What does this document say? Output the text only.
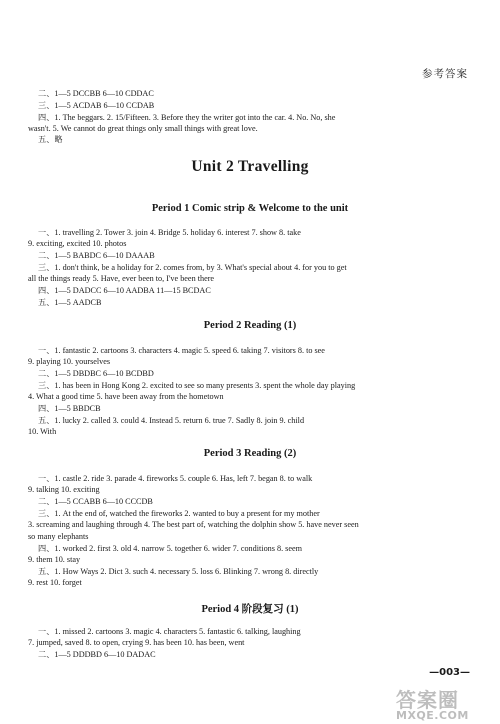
参考答案
二、1—5 DCCBB 6—10 CDDAC
三、1—5 ACDAB 6—10 CCDAB
四、1. The beggars. 2. 15/Fifteen. 3. Before they the writer got into the car. 4. No. No, she
wasn't. 5. We cannot do great things only small things with great love.
五、略
Unit 2 Travelling
Period 1 Comic strip & Welcome to the unit
一、1. travelling 2. Tower 3. join 4. Bridge 5. holiday 6. interest 7. show 8. take
9. exciting, excited 10. photos
二、1—5 BABDC 6—10 DAAAB
三、1. don't think, be a holiday for 2. comes from, by 3. What's special about 4. for you to get
all the things ready 5. Have, ever been to, I've been there
四、1—5 DADCC 6—10 AADBA 11—15 BCDAC
五、1—5 AADCB
Period 2 Reading (1)
一、1. fantastic 2. cartoons 3. characters 4. magic 5. speed 6. taking 7. visitors 8. to see
9. playing 10. yourselves
二、1—5 DBDBC 6—10 BCDBD
三、1. has been in Hong Kong 2. excited to see so many presents 3. spent the whole day playing
4. What a good time 5. have been away from the hometown
四、1—5 BBDCB
五、1. lucky 2. called 3. could 4. Instead 5. return 6. true 7. Sadly 8. join 9. child
10. With
Period 3 Reading (2)
一、1. castle 2. ride 3. parade 4. fireworks 5. couple 6. Has, left 7. began 8. to walk
9. talking 10. exciting
二、1—5 CCABB 6—10 CCCDB
三、1. At the end of, watched the fireworks 2. wanted to buy a present for my mother
3. screaming and laughing through 4. The best part of, watching the dolphin show 5. have never seen
so many elephants
四、1. worked 2. first 3. old 4. narrow 5. together 6. wider 7. conditions 8. seem
9. them 10. stay
五、1. How Ways 2. Dict 3. such 4. necessary 5. loss 6. Blinking 7. wrong 8. directly
9. rest 10. forget
Period 4 阶段复习 (1)
一、1. missed 2. cartoons 3. magic 4. characters 5. fantastic 6. talking, laughing
7. jumped, saved 8. to open, crying 9. has been 10. has been, went
二、1—5 DDDBD 6—10 DADAC
—003—
答案圈
MXQE.COM
